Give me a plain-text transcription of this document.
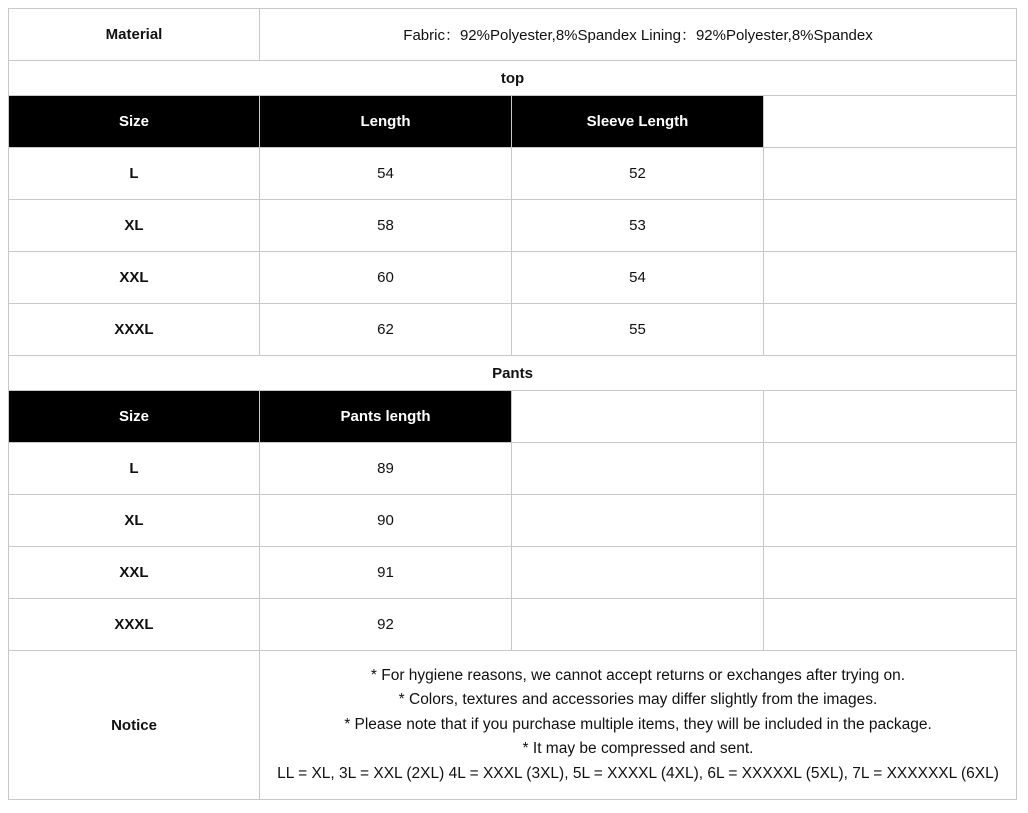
Material	Fabric：92%Polyester,8%Spandex Lining：92%Polyester,8%Spandex		
top			
Size	Length	Sleeve Length	
L	54	52	
XL	58	53	
XXL	60	54	
XXXL	62	55	
Pants			
Size	Pants length		
L	89		
XL	90		
XXL	91		
XXXL	92		
Notice	* For hygiene reasons, we cannot accept returns or exchanges after trying on.
* Colors, textures and accessories may differ slightly from the images.
* Please note that if you purchase multiple items, they will be included in the package.
* It may be compressed and sent.
LL = XL, 3L = XXL (2XL) 4L = XXXL (3XL), 5L = XXXXL (4XL), 6L = XXXXXL (5XL), 7L = XXXXXXL (6XL)		
